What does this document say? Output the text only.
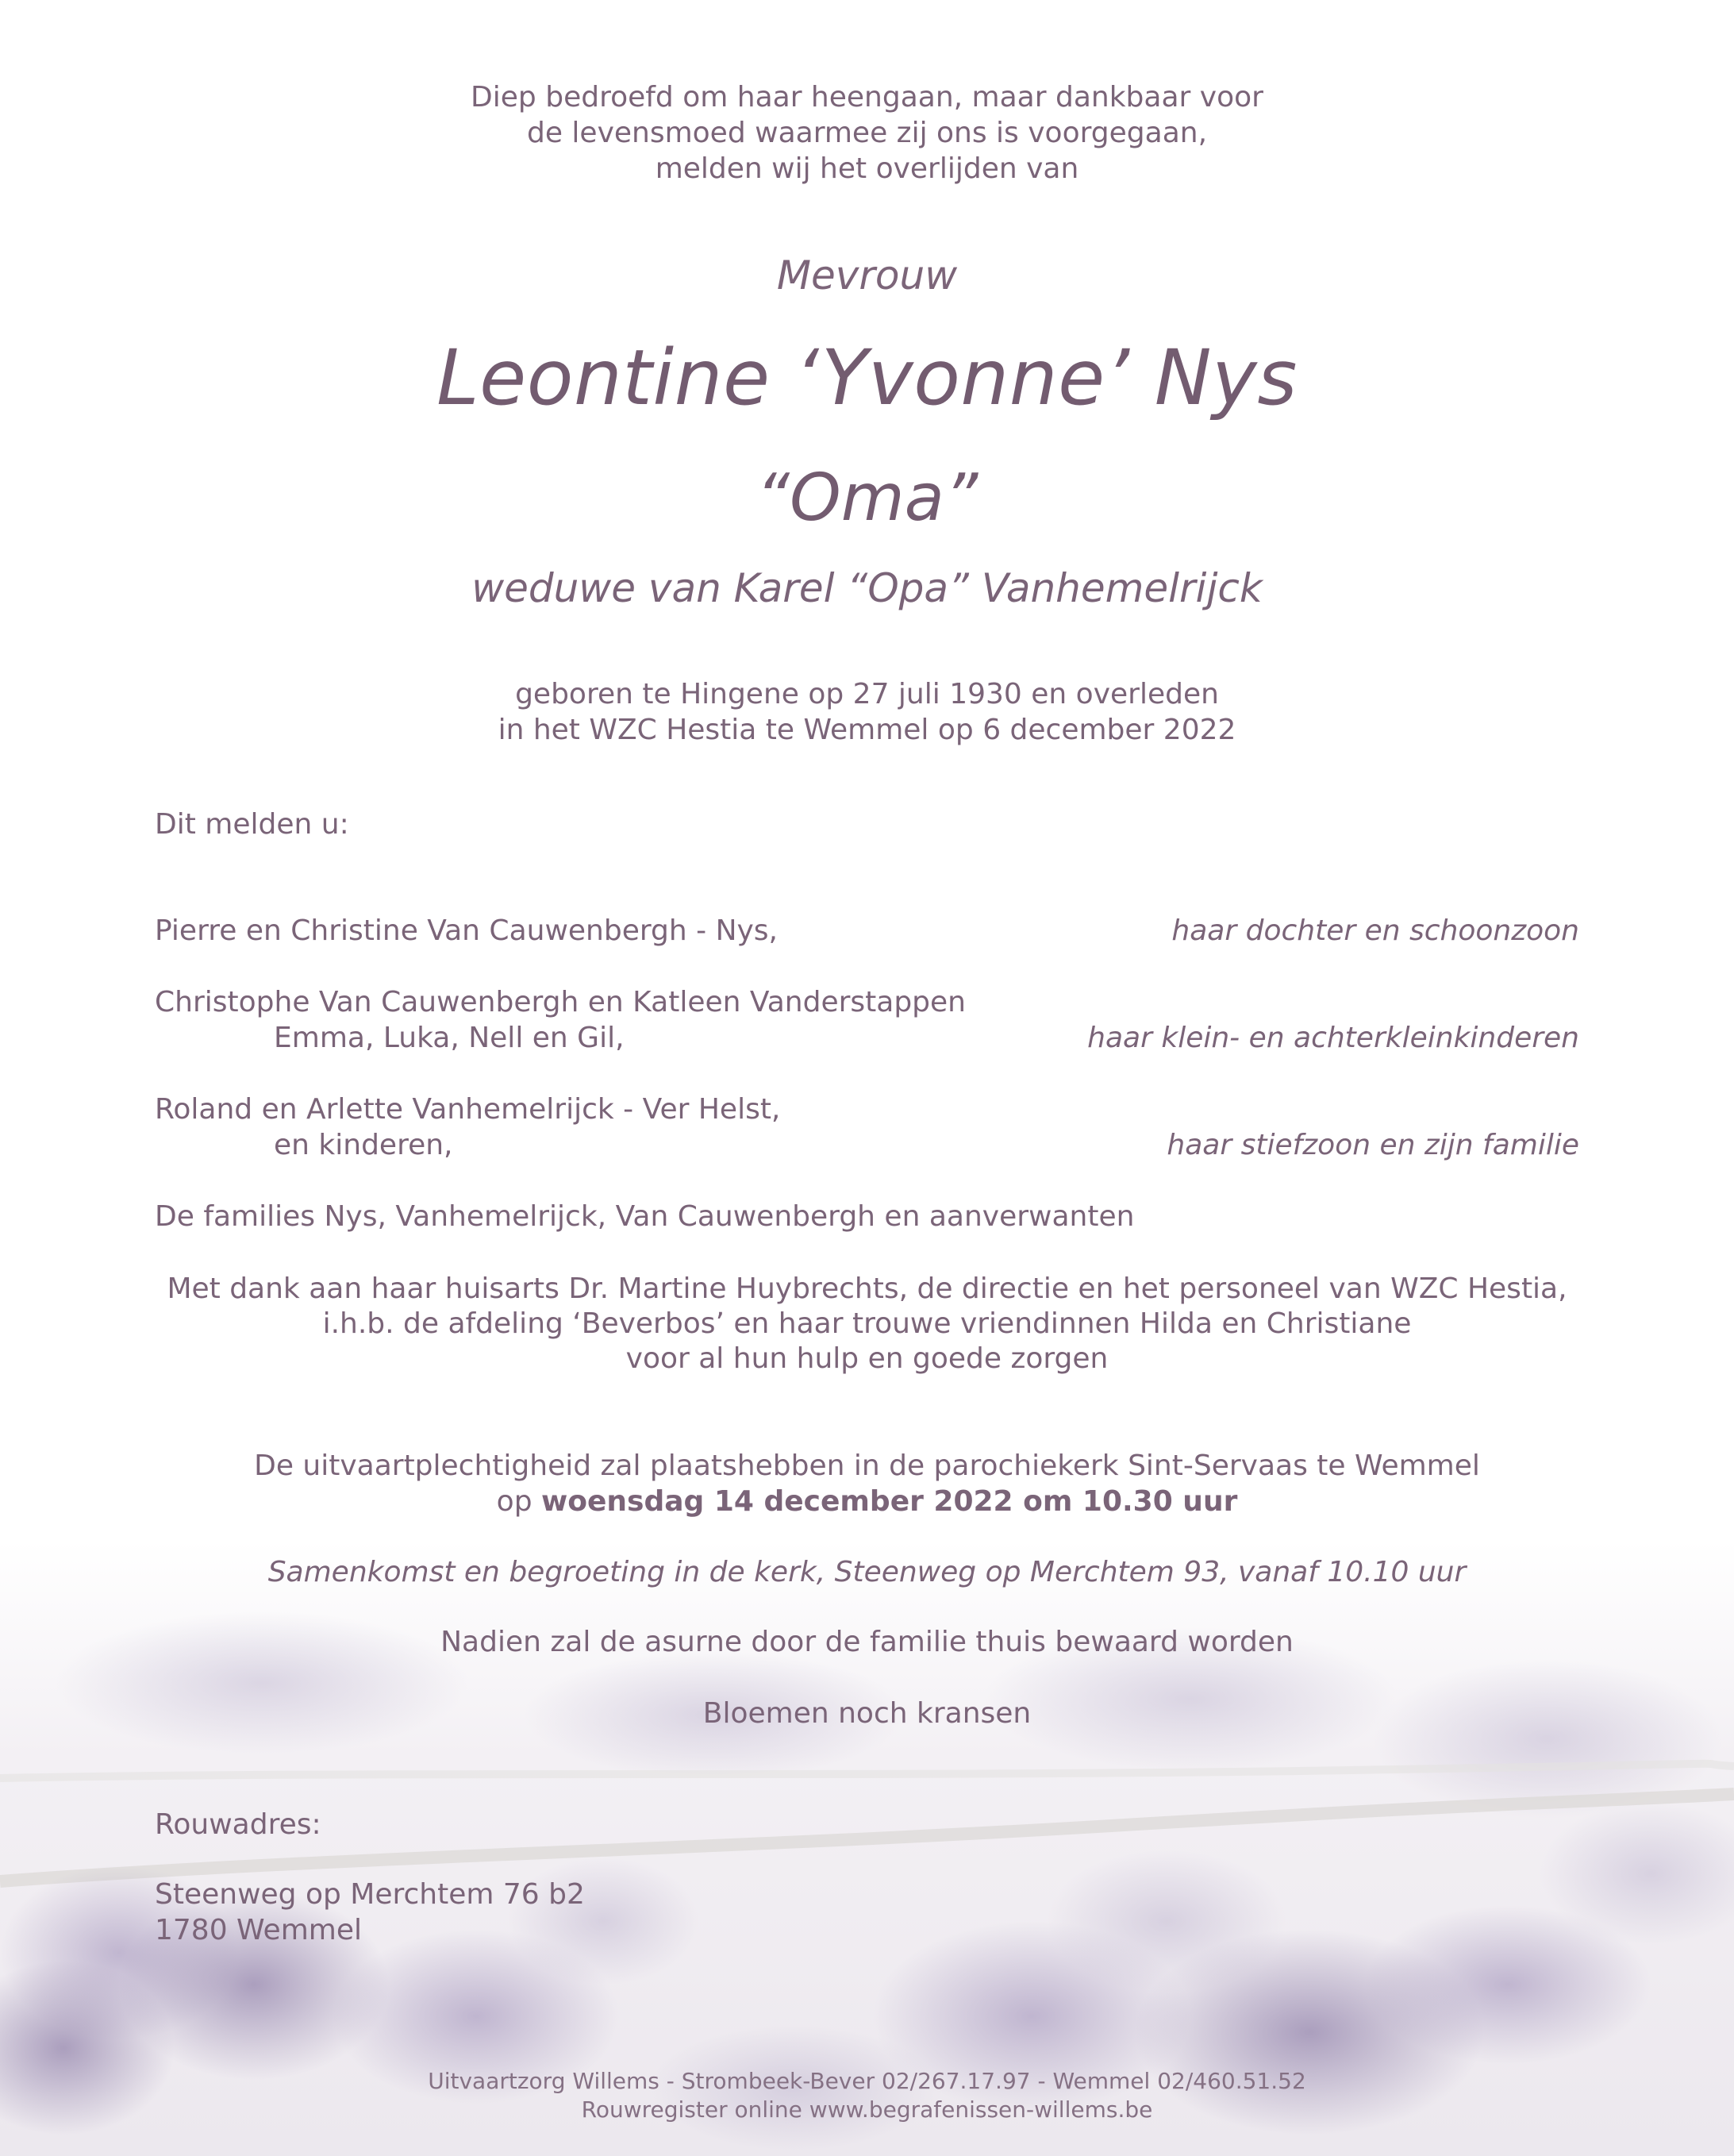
Diep bedroefd om haar heengaan, maar dankbaar voor
de levensmoed waarmee zij ons is voorgegaan,
melden wij het overlijden van
Mevrouw
Leontine ‘Yvonne’ Nys
“Oma”
weduwe van Karel “Opa” Vanhemelrijck
geboren te Hingene op 27 juli 1930 en overleden
in het WZC Hestia te Wemmel op 6 december 2022
Dit melden u:
Pierre en Christine Van Cauwenbergh - Nys,	haar dochter en schoonzoon
Christophe Van Cauwenbergh en Katleen Vanderstappen
Emma, Luka, Nell en Gil,	haar klein- en achterkleinkinderen
Roland en Arlette Vanhemelrijck - Ver Helst,
en kinderen,	haar stiefzoon en zijn familie
De families Nys, Vanhemelrijck, Van Cauwenbergh en aanverwanten
Met dank aan haar huisarts Dr. Martine Huybrechts, de directie en het personeel van WZC Hestia,
i.h.b. de afdeling ‘Beverbos’ en haar trouwe vriendinnen Hilda en Christiane
voor al hun hulp en goede zorgen
De uitvaartplechtigheid zal plaatshebben in de parochiekerk Sint-Servaas te Wemmel
op woensdag 14 december 2022 om 10.30 uur
Samenkomst en begroeting in de kerk, Steenweg op Merchtem 93, vanaf 10.10 uur
Nadien zal de asurne door de familie thuis bewaard worden
Bloemen noch kransen
Rouwadres:
Steenweg op Merchtem 76 b2
1780 Wemmel
Uitvaartzorg Willems - Strombeek-Bever 02/267.17.97 - Wemmel 02/460.51.52
Rouwregister online www.begrafenissen-willems.be
